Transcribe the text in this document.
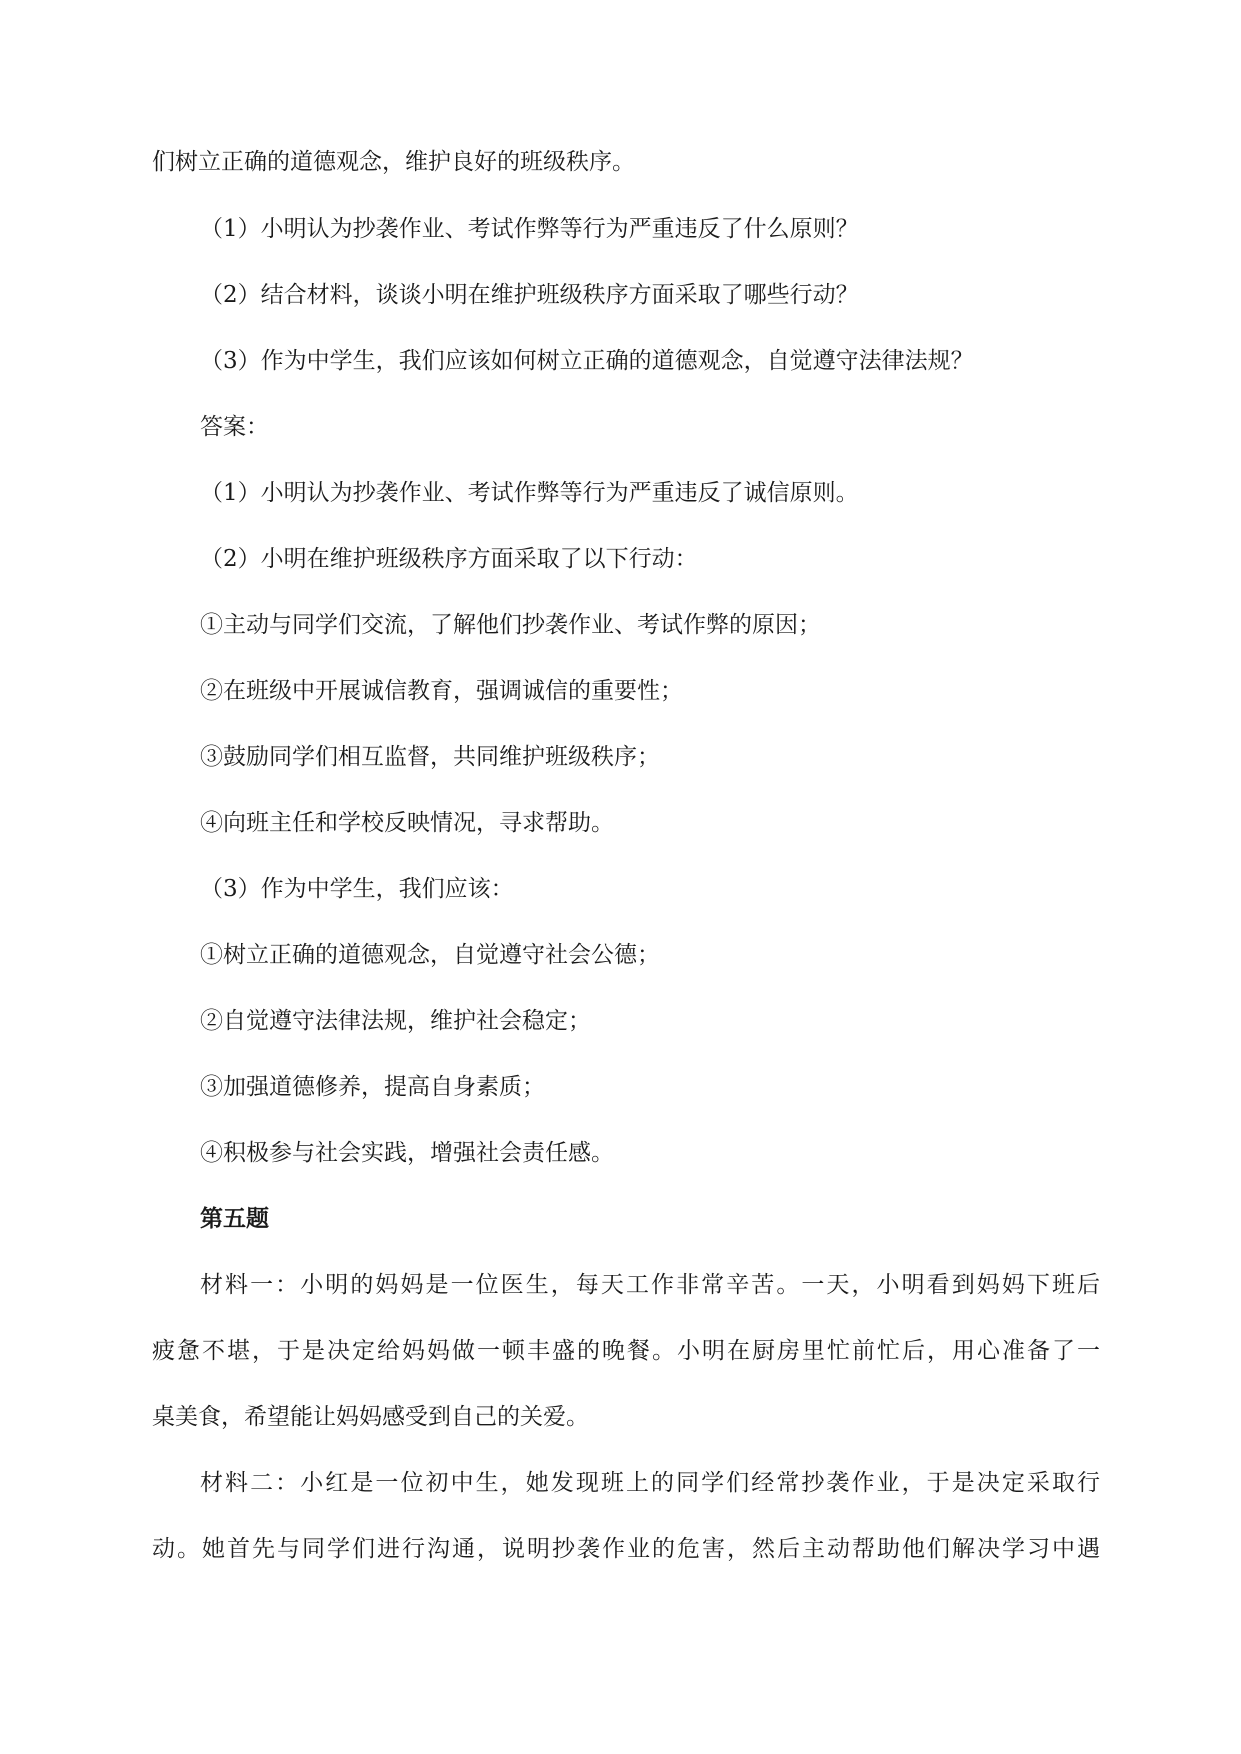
们树立正确的道德观念，维护良好的班级秩序。
（1）小明认为抄袭作业、考试作弊等行为严重违反了什么原则？
（2）结合材料，谈谈小明在维护班级秩序方面采取了哪些行动？
（3）作为中学生，我们应该如何树立正确的道德观念，自觉遵守法律法规？
答案：
（1）小明认为抄袭作业、考试作弊等行为严重违反了诚信原则。
（2）小明在维护班级秩序方面采取了以下行动：
①主动与同学们交流，了解他们抄袭作业、考试作弊的原因；
②在班级中开展诚信教育，强调诚信的重要性；
③鼓励同学们相互监督，共同维护班级秩序；
④向班主任和学校反映情况，寻求帮助。
（3）作为中学生，我们应该：
①树立正确的道德观念，自觉遵守社会公德；
②自觉遵守法律法规，维护社会稳定；
③加强道德修养，提高自身素质；
④积极参与社会实践，增强社会责任感。
第五题
材料一：小明的妈妈是一位医生，每天工作非常辛苦。一天，小明看到妈妈下班后
疲惫不堪，于是决定给妈妈做一顿丰盛的晚餐。小明在厨房里忙前忙后，用心准备了一
桌美食，希望能让妈妈感受到自己的关爱。
材料二：小红是一位初中生，她发现班上的同学们经常抄袭作业，于是决定采取行
动。她首先与同学们进行沟通，说明抄袭作业的危害，然后主动帮助他们解决学习中遇
